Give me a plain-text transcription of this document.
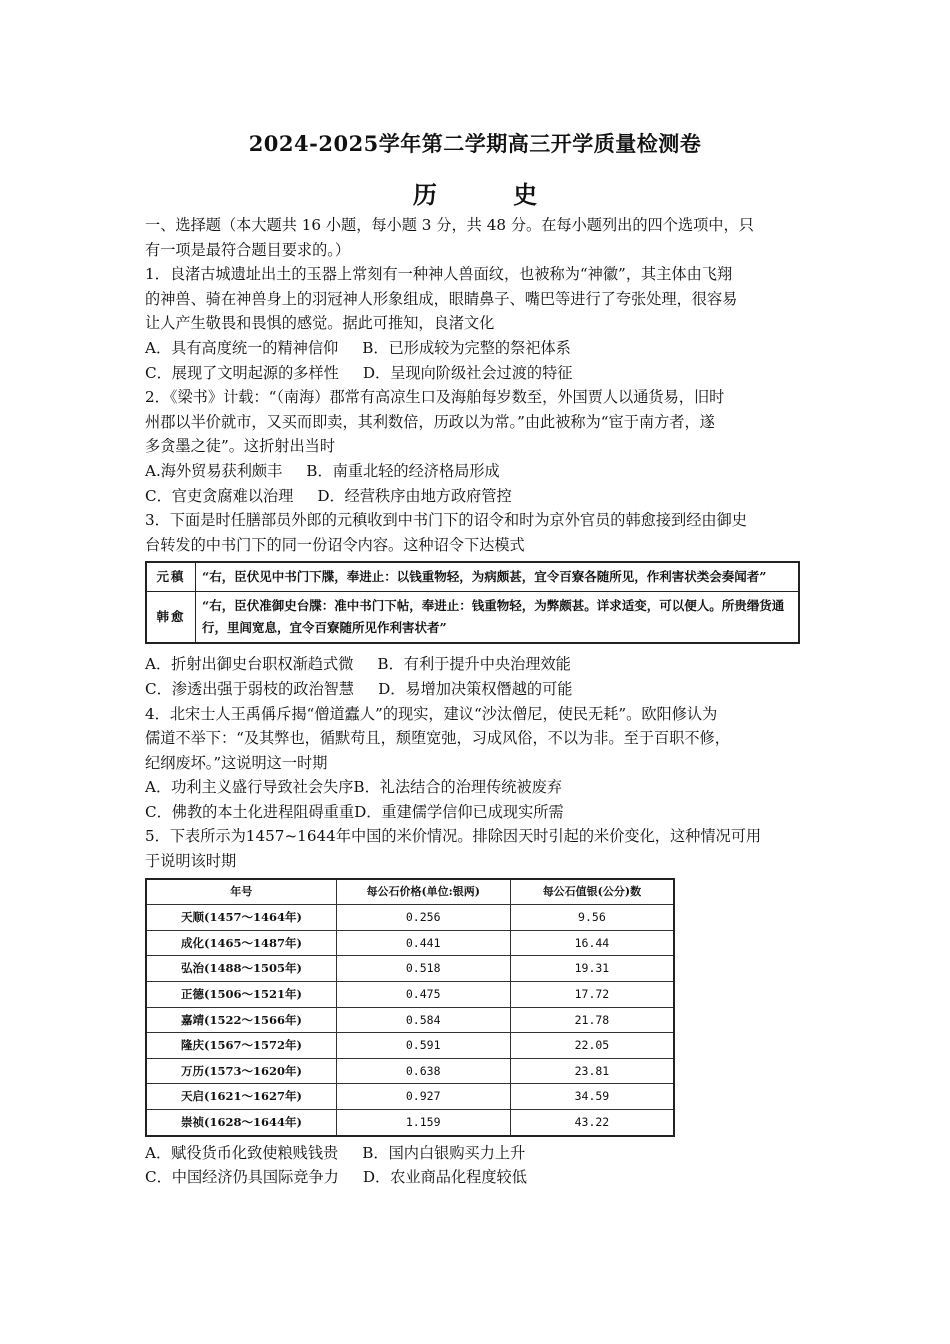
2024-2025学年第二学期高三开学质量检测卷
历 史
一、选择题（本大题共 16 小题，每小题 3 分，共 48 分。在每小题列出的四个选项中，只
有一项是最符合题目要求的。）
1．良渚古城遗址出土的玉器上常刻有一种神人兽面纹，也被称为“神徽”，其主体由飞翔
的神兽、骑在神兽身上的羽冠神人形象组成，眼睛鼻子、嘴巴等进行了夸张处理，很容易
让人产生敬畏和畏惧的感觉。据此可推知，良渚文化
A．具有高度统一的精神信仰 B．已形成较为完整的祭祀体系
C．展现了文明起源的多样性 D．呈现向阶级社会过渡的特征
2．《梁书》计载：“（南海）郡常有高凉生口及海舶每岁数至，外国贾人以通货易，旧时
州郡以半价就市，又买而即卖，其利数倍，历政以为常。”由此被称为“宦于南方者，遂
多贪墨之徒”。这折射出当时
A.海外贸易获利颇丰 B．南重北轻的经济格局形成
C．官吏贪腐难以治理 D．经营秩序由地方政府管控
3．下面是时任膳部员外郎的元稹收到中书门下的诏令和时为京外官员的韩愈接到经由御史
台转发的中书门下的同一份诏令内容。这种诏令下达模式
元稹	“右，臣伏见中书门下牒，奉进止：以钱重物轻，为病颇甚，宜令百寮各随所见，作利害状类会奏闻者”
韩愈	“右，臣伏准御史台牒：准中书门下帖，奉进止：钱重物轻，为弊颇甚。详求适变，可以便人。所贵缗货通行，里闾宽息，宜令百寮随所见作利害状者”
A．折射出御史台职权渐趋式微 B．有利于提升中央治理效能
C．渗透出强于弱枝的政治智慧 D．易增加决策权僭越的可能
4．北宋士人王禹偁斥揭“僧道蠹人”的现实，建议“沙汰僧尼，使民无耗”。欧阳修认为
儒道不举下：“及其弊也，循默苟且，颓堕宽弛，习成风俗，不以为非。至于百职不修，
纪纲废坏。”这说明这一时期
A．功利主义盛行导致社会失序B．礼法结合的治理传统被废弃
C．佛教的本土化进程阻碍重重D．重建儒学信仰已成现实所需
5．下表所示为1457~1644年中国的米价情况。排除因天时引起的米价变化，这种情况可用
于说明该时期
年号	每公石价格(单位:银两)	每公石值银(公分)数
天顺(1457～1464年)	0.256	9.56
成化(1465～1487年)	0.441	16.44
弘治(1488～1505年)	0.518	19.31
正德(1506～1521年)	0.475	17.72
嘉靖(1522～1566年)	0.584	21.78
隆庆(1567～1572年)	0.591	22.05
万历(1573～1620年)	0.638	23.81
天启(1621～1627年)	0.927	34.59
崇祯(1628～1644年)	1.159	43.22
A．赋役货币化致使粮贱钱贵 B．国内白银购买力上升
C．中国经济仍具国际竞争力 D．农业商品化程度较低
